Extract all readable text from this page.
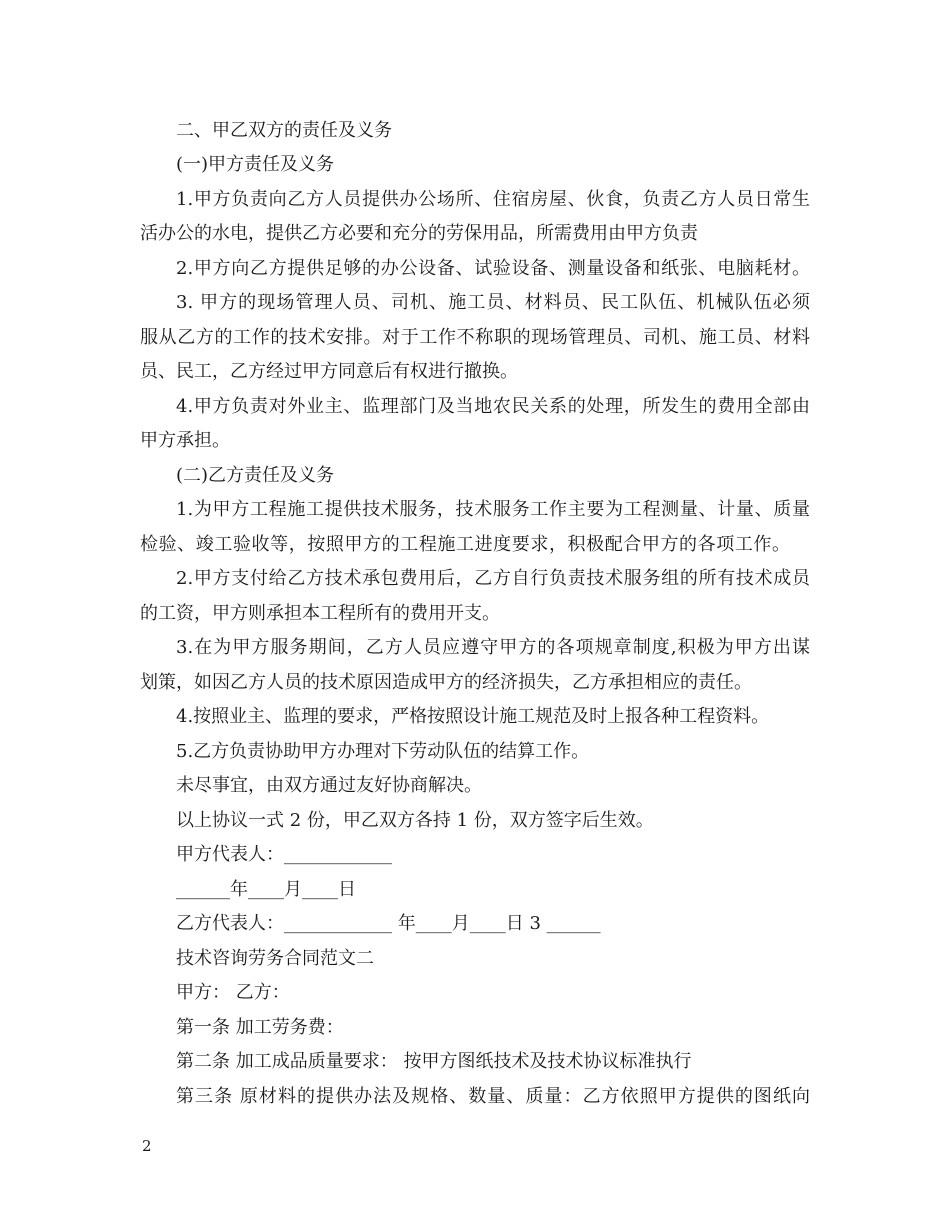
二、甲乙双方的责任及义务
(一)甲方责任及义务
1.甲方负责向乙方人员提供办公场所、住宿房屋、伙食，负责乙方人员日常生
活办公的水电，提供乙方必要和充分的劳保用品，所需费用由甲方负责
2.甲方向乙方提供足够的办公设备、试验设备、测量设备和纸张、电脑耗材。
3. 甲方的现场管理人员、司机、施工员、材料员、民工队伍、机械队伍必须
服从乙方的工作的技术安排。对于工作不称职的现场管理员、司机、施工员、材料
员、民工，乙方经过甲方同意后有权进行撤换。
4.甲方负责对外业主、监理部门及当地农民关系的处理，所发生的费用全部由
甲方承担。
(二)乙方责任及义务
1.为甲方工程施工提供技术服务，技术服务工作主要为工程测量、计量、质量
检验、竣工验收等，按照甲方的工程施工进度要求，积极配合甲方的各项工作。
2.甲方支付给乙方技术承包费用后，乙方自行负责技术服务组的所有技术成员
的工资，甲方则承担本工程所有的费用开支。
3.在为甲方服务期间，乙方人员应遵守甲方的各项规章制度,积极为甲方出谋
划策，如因乙方人员的技术原因造成甲方的经济损失，乙方承担相应的责任。
4.按照业主、监理的要求，严格按照设计施工规范及时上报各种工程资料。
5.乙方负责协助甲方办理对下劳动队伍的结算工作。
未尽事宜，由双方通过友好协商解决。
以上协议一式 2 份，甲乙双方各持 1 份，双方签字后生效。
甲方代表人：____________
______年____月____日
乙方代表人：____________ 年____月____日 3 ______
技术咨询劳务合同范文二
甲方： 乙方：
第一条 加工劳务费：
第二条 加工成品质量要求： 按甲方图纸技术及技术协议标准执行
第三条 原材料的提供办法及规格、数量、质量：乙方依照甲方提供的图纸向
2
